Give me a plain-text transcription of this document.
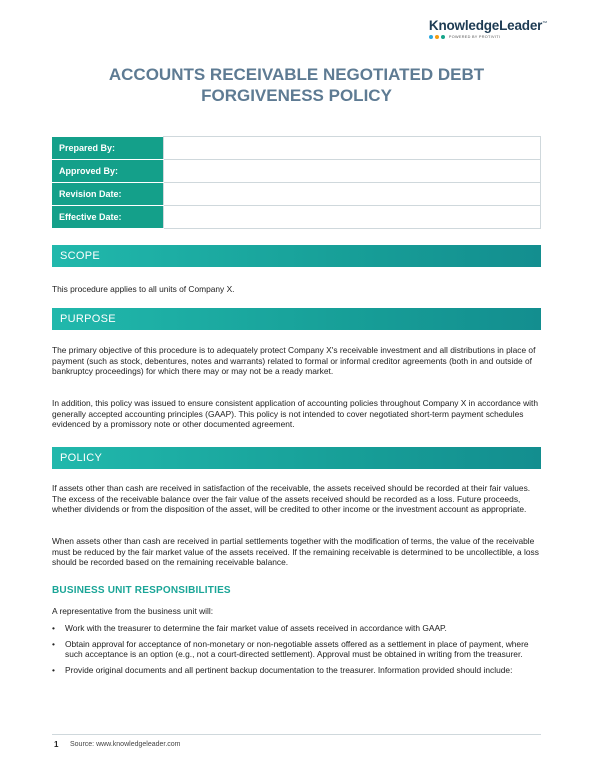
KnowledgeLeader™
POWERED BY PROTIVITI
ACCOUNTS RECEIVABLE NEGOTIATED DEBT
FORGIVENESS POLICY
Prepared By:	
Approved By:	
Revision Date:	
Effective Date:	
SCOPE

This procedure applies to all units of Company X.

PURPOSE

The primary objective of this procedure is to adequately protect Company X's receivable investment and all distributions in place of payment (such as stock, debentures, notes and warrants) related to formal or informal creditor agreements (both in and outside of bankruptcy proceedings) for which there may or may not be a ready market.

In addition, this policy was issued to ensure consistent application of accounting policies throughout Company X in accordance with generally accepted accounting principles (GAAP). This policy is not intended to cover negotiated short-term payment schedules evidenced by a promissory note or other documented agreement.

POLICY

If assets other than cash are received in satisfaction of the receivable, the assets received should be recorded at their fair values. The excess of the receivable balance over the fair value of the assets received should be recorded as a loss. Future proceeds, whether dividends or from the disposition of the asset, will be credited to other income or the investment account as appropriate.

When assets other than cash are received in partial settlements together with the modification of terms, the value of the receivable must be reduced by the fair market value of the assets received. If the remaining receivable is determined to be uncollectible, a loss should be recorded based on the remaining receivable balance.

BUSINESS UNIT RESPONSIBILITIES

A representative from the business unit will:

• Work with the treasurer to determine the fair market value of assets received in accordance with GAAP.
• Obtain approval for acceptance of non-monetary or non-negotiable assets offered as a settlement in place of payment, where such acceptance is an option (e.g., not a court-directed settlement). Approval must be obtained in writing from the treasurer.
• Provide original documents and all pertinent backup documentation to the treasurer. Information provided should include:
1 Source: www.knowledgeleader.com
